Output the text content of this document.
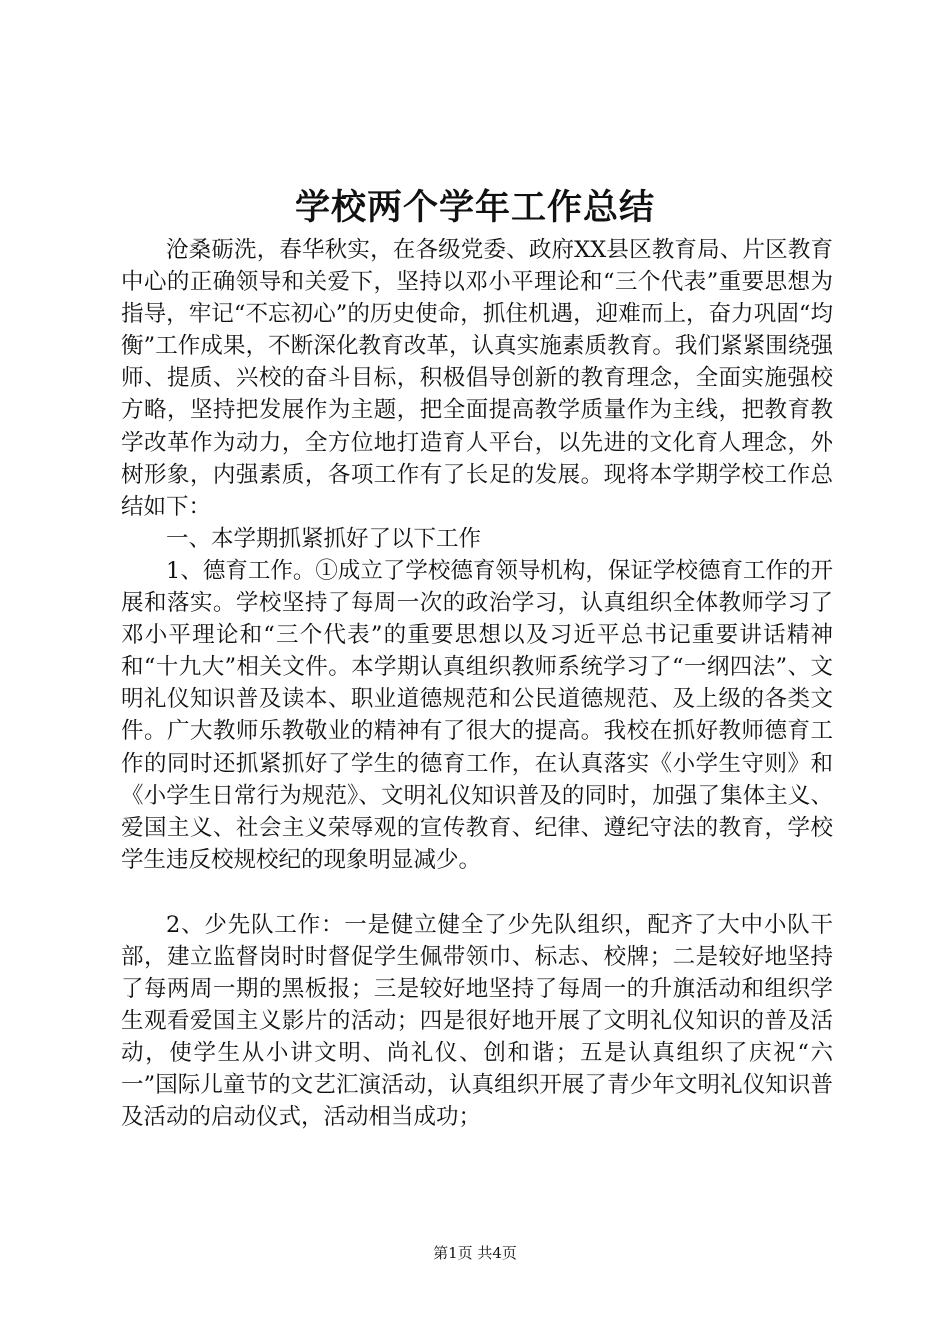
学校两个学年工作总结

沧桑砺洗，春华秋实，在各级党委、政府XX县区教育局、片区教育中心的正确领导和关爱下，坚持以邓小平理论和“三个代表”重要思想为指导，牢记“不忘初心”的历史使命，抓住机遇，迎难而上，奋力巩固“均衡”工作成果，不断深化教育改革，认真实施素质教育。我们紧紧围绕强师、提质、兴校的奋斗目标，积极倡导创新的教育理念，全面实施强校方略，坚持把发展作为主题，把全面提高教学质量作为主线，把教育教学改革作为动力，全方位地打造育人平台，以先进的文化育人理念，外树形象，内强素质，各项工作有了长足的发展。现将本学期学校工作总结如下：

一、本学期抓紧抓好了以下工作

1、德育工作。①成立了学校德育领导机构，保证学校德育工作的开展和落实。学校坚持了每周一次的政治学习，认真组织全体教师学习了邓小平理论和“三个代表”的重要思想以及习近平总书记重要讲话精神和“十九大”相关文件。本学期认真组织教师系统学习了“一纲四法”、文明礼仪知识普及读本、职业道德规范和公民道德规范、及上级的各类文件。广大教师乐教敬业的精神有了很大的提高。我校在抓好教师德育工作的同时还抓紧抓好了学生的德育工作，在认真落实《小学生守则》和《小学生日常行为规范》、文明礼仪知识普及的同时，加强了集体主义、爱国主义、社会主义荣辱观的宣传教育、纪律、遵纪守法的教育，学校学生违反校规校纪的现象明显减少。

2、少先队工作：一是健立健全了少先队组织，配齐了大中小队干部，建立监督岗时时督促学生佩带领巾、标志、校牌；二是较好地坚持了每两周一期的黑板报；三是较好地坚持了每周一的升旗活动和组织学生观看爱国主义影片的活动；四是很好地开展了文明礼仪知识的普及活动，使学生从小讲文明、尚礼仪、创和谐；五是认真组织了庆祝“六一”国际儿童节的文艺汇演活动，认真组织开展了青少年文明礼仪知识普及活动的启动仪式，活动相当成功；

第1页 共4页
